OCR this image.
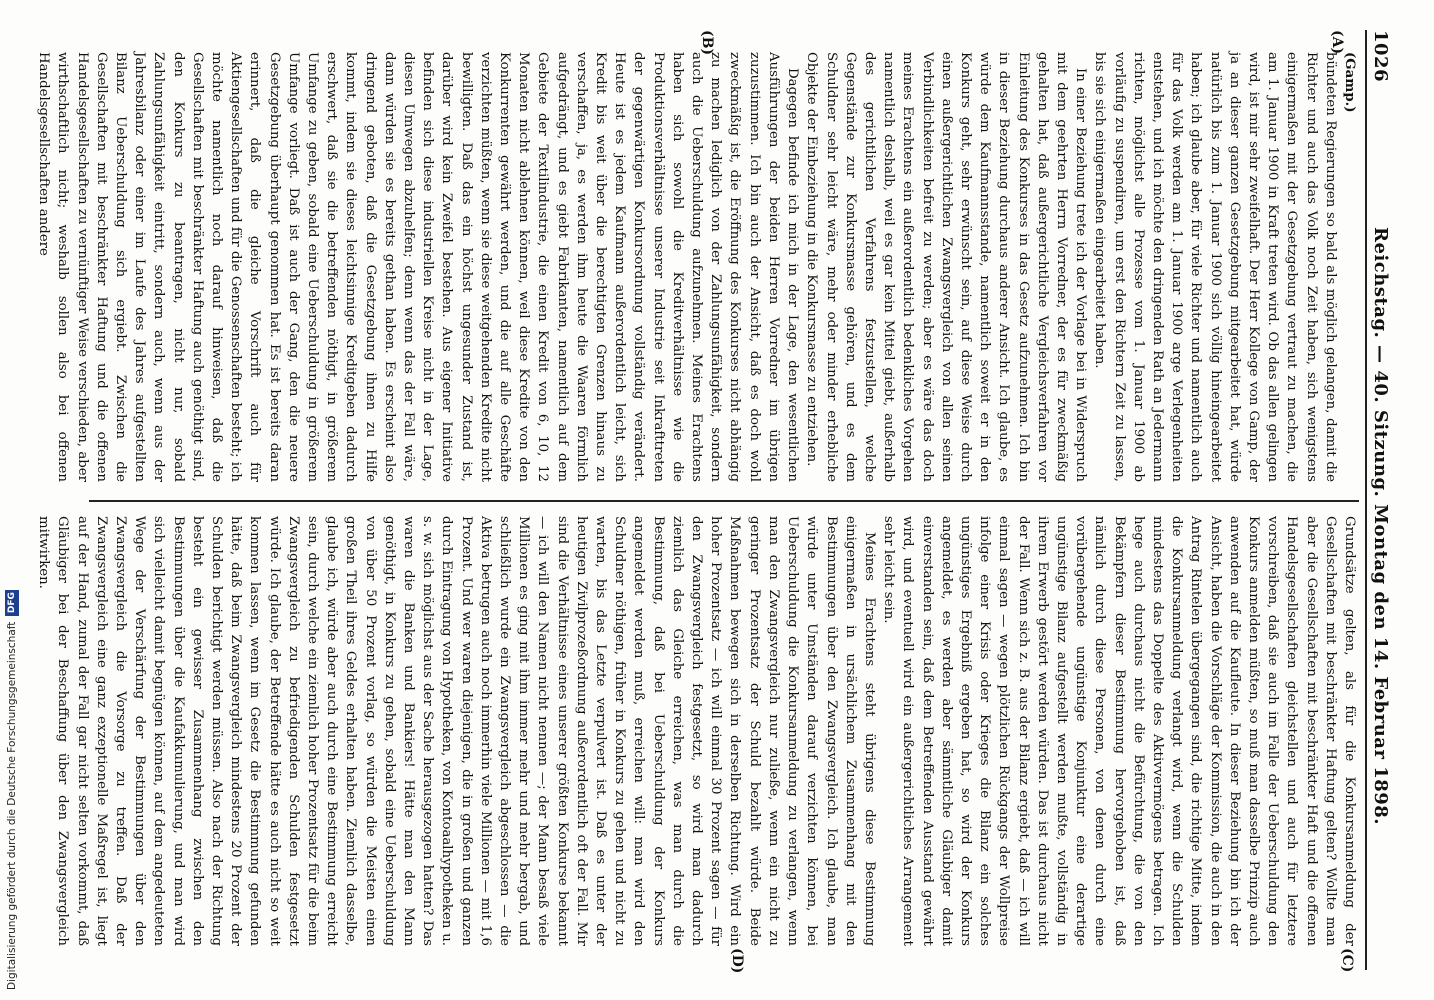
1026
Reichstag. — 40. Sitzung. Montag den 14. Februar 1898.
(A)
(B)
(C)
(D)

(Gamp.)

bündeten Regierungen so bald als möglich gelangen, damit die Richter und auch das Volk noch Zeit haben, sich wenigstens einigermaßen mit der Gesetzgebung vertraut zu machen, die am 1. Januar 1900 in Kraft treten wird. Ob das allen gelingen wird, ist mir sehr zweifelhaft. Der Herr Kollege von Gamp, der ja an dieser ganzen Gesetzgebung mitgearbeitet hat, würde natürlich bis zum 1. Januar 1900 sich völlig hineingearbeitet haben; ich glaube aber, für viele Richter und namentlich auch für das Volk werden am 1. Januar 1900 arge Verlegenheiten entstehen, und ich möchte den dringenden Rath an Jedermann richten, möglichst alle Prozesse vom 1. Januar 1900 ab vorläufig zu suspendiren, um erst den Richtern Zeit zu lassen, bis sie sich einigermaßen eingearbeitet haben.

In einer Beziehung trete ich der Vorlage bei in Widerspruch mit dem geehrten Herrn Vorredner, der es für zweckmäßig gehalten hat, daß außergerichtliche Vergleichsverfahren vor Einleitung des Konkurses in das Gesetz aufzunehmen. Ich bin in dieser Beziehung durchaus anderer Ansicht. Ich glaube, es würde dem Kaufmannsstande, namentlich soweit er in den Konkurs geht, sehr erwünscht sein, auf diese Weise durch einen außergerichtlichen Zwangsvergleich von allen seinen Verbindlichkeiten befreit zu werden; aber es wäre das doch meines Erachtens ein außerordentlich bedenkliches Vorgehen namentlich deshalb, weil es gar kein Mittel giebt, außerhalb des gerichtlichen Verfahrens festzustellen, welche Gegenstände zur Konkursmasse gehören, und es dem Schuldner sehr leicht wäre, mehr oder minder erhebliche Objekte der Einbeziehung in die Konkursmasse zu entziehen.

Dagegen befinde ich mich in der Lage, den wesentlichen Ausführungen der beiden Herren Vorredner im übrigen zuzustimmen. Ich bin auch der Ansicht, daß es doch wohl zweckmäßig ist, die Eröffnung des Konkurses nicht abhängig zu machen lediglich von der Zahlungsunfähigkeit, sondern auch die Ueberschuldung aufzunehmen. Meines Erachtens haben sich sowohl die Kreditverhältnisse wie die Produktionsverhältnisse unserer Industrie seit Inkrafttreten der gegenwärtigen Konkursordnung vollständig verändert. Heute ist es jedem Kaufmann außerordentlich leicht, sich Kredit bis weit über die berechtigten Grenzen hinaus zu verschaffen, ja, es werden ihm heute die Waaren förmlich aufgedrängt, und es giebt Fabrikanten, namentlich auf dem Gebiete der Textilindustrie, die einen Kredit von 6, 10, 12 Monaten nicht ablehnen können, weil diese Kredite von den Konkurrenten gewährt werden, und die auf alle Geschäfte verzichten müßten, wenn sie diese weitgehenden Kredite nicht bewilligten. Daß das ein höchst ungesunder Zustand ist, darüber wird kein Zweifel bestehen. Aus eigener Initiative befinden sich diese industriellen Kreise nicht in der Lage, diesen Umwegen abzuhelfen; denn wenn das der Fall wäre, dann würden sie es bereits gethan haben. Es erscheint also dringend geboten, daß die Gesetzgebung ihnen zu Hilfe kommt, indem sie dieses leichtsinnige Kreditgeben dadurch erschwert, daß sie die betreffenden nöthigt, in größerem Umfange zu geben, sobald eine Ueberschuldung in größerem Umfange vorliegt. Daß ist auch der Gang, den die neuere Gesetzgebung überhaupt genommen hat. Es ist bereits daran erinnert, daß die gleiche Vorschrift auch für Aktiengesellschaften und für die Genossenschaften besteht; ich möchte namentlich noch darauf hinweisen, daß die Gesellschaften mit beschränkter Haftung auch genöthigt sind, den Konkurs zu beantragen, nicht nur, sobald Zahlungsunfähigkeit eintritt, sondern auch, wenn aus der Jahresbilanz oder einer im Laufe des Jahres aufgestellten Bilanz Ueberschuldung sich ergiebt. Zwischen die Gesellschaften mit beschränkter Haftung und die offenen Handelsgesellschaften zu vernünftiger Weise verschieden, aber wirthschaftlich nicht; weshalb sollen also bei offenen Handelsgesellschaften andere

Grundsätze gelten, als für die Konkursanmeldung der Gesellschaften mit beschränkter Haftung gelten? Wollte man aber die Gesellschaften mit beschränkter Haft und die offenen Handelsgesellschaften gleichstellen und auch für letztere vorschreiben, daß sie auch im Falle der Ueberschuldung den Konkurs anmelden müßten, so muß man dasselbe Prinzip auch anwenden auf die Kaufleute. In dieser Beziehung bin ich der Ansicht, haben die Vorschläge der Kommission, die auch in den Antrag Rintelen übergegangen sind, die richtige Mitte, indem die Konkursanmeldung verlangt wird, wenn die Schulden mindestens das Doppelte des Aktivvermögens betragen. Ich hege auch durchaus nicht die Befürchtung, die von den Bekämpfern dieser Bestimmung hervorgehoben ist, daß nämlich durch diese Personen, von denen durch eine vorübergehende ungünstige Konjunktur eine derartige ungünstige Bilanz aufgestellt werden mußte, vollständig in ihrem Erwerb gestört werden würden. Das ist durchaus nicht der Fall. Wenn sich z. B. aus der Bilanz ergiebt, daß — ich will einmal sagen — wegen plötzlichen Rückgangs der Wollpreise infolge einer Krisis oder Krieges die Bilanz ein solches ungünstiges Ergebniß ergeben hat, so wird der Konkurs angemeldet, es werden aber sämmtliche Gläubiger damit einverstanden sein, daß dem Betreffenden Ausstand gewährt wird, und eventuell wird ein außergerichtliches Arrangement sehr leicht sein.

Meines Erachtens steht übrigens diese Bestimmung einigermaßen in ursächlichem Zusammenhang mit den Bestimmungen über den Zwangsvergleich. Ich glaube, man würde unter Umständen darauf verzichten können, bei Ueberschuldung die Konkursanmeldung zu verlangen, wenn man den Zwangsvergleich nur zuließe, wenn ein nicht zu geringer Prozentsatz der Schuld bezahlt würde. Beide Maßnahmen bewegen sich in derselben Richtung. Wird ein hoher Prozentsatz — ich will einmal 30 Prozent sagen — für den Zwangsvergleich festgesetzt, so wird man dadurch ziemlich das Gleiche erreichen, was man durch die Bestimmung, daß bei Ueberschuldung der Konkurs angemeldet werden muß, erreichen will: man wird den Schuldner nöthigen, früher in Konkurs zu gehen und nicht zu warten, bis das Letzte verpulvert ist. Daß es unter der heutigen Zivilprozeßordnung außerordentlich oft der Fall. Mir sind die Verhältnisse eines unserer größten Konkurse bekannt — ich will den Namen nicht nennen —; der Mann besaß viele Millionen es ging mit ihm immer mehr und mehr bergab, und schließlich wurde ein Zwangsvergleich abgeschlossen — die Aktiva betrugen auch noch immerhin viele Millionen — mit 1,6 Prozent. Und wer waren diejenigen, die in großen und ganzen durch Eintragung von Hypotheken, von Kontoaalhypotheken u. s. w. sich möglichst aus der Sache herausgezogen hatten? Das waren die Banken und Bankiers! Hätte man den Mann genöthigt, in Konkurs zu gehen, sobald eine Ueberschuldung von über 50 Prozent vorlag, so würden die Meisten einen großen Theil ihres Geldes erhalten haben. Ziemlich dasselbe, glaube ich, würde aber auch durch eine Bestimmung erreicht sein, durch welche ein ziemlich hoher Prozentsatz für die beim Zwangsvergleich zu befriedigenden Schulden festgesetzt würde. Ich glaube, der Betreffende hätte es auch nicht so weit kommen lassen, wenn im Gesetz die Bestimmung gefunden hätte, daß beim Zwangsvergleich mindestens 20 Prozent der Schulden berichtigt werden müssen. Also nach der Richtung besteht ein gewisser Zusammenhang zwischen den Bestimmungen über die Kaufakkumulierung, und man wird sich vielleicht damit begnügen können, auf dem angedeuteten Wege der Verschärfung der Bestimmungen über den Zwangsvergleich die Vorsorge zu treffen. Daß der Zwangsvergleich eine ganz exzeptionelle Maßregel ist, liegt auf der Hand, zumal der Fall gar nicht selten vorkommt, daß Gläubiger bei der Beschaffung über den Zwangsvergleich mitwirken.

Digitalisierung gefördert durch die Deutsche Forschungsgemeinschaft
DFG
